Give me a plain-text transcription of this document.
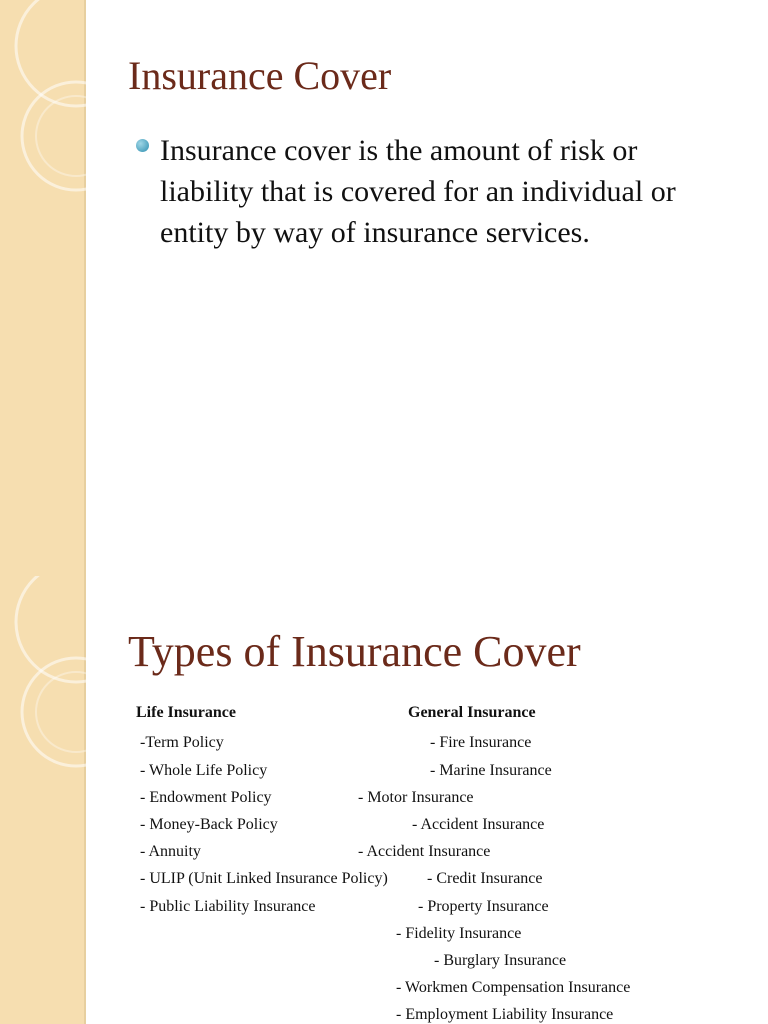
Insurance Cover
Insurance cover is the amount of risk or liability that is covered for an individual or entity by way of insurance services.
Types of Insurance Cover
Life Insurance	General Insurance
-Term Policy
- Whole Life Policy
- Endowment Policy
- Money-Back Policy
- Annuity
- ULIP (Unit Linked Insurance Policy)
- Public Liability Insurance
- Fire Insurance
- Marine Insurance
- Motor Insurance
- Accident Insurance
- Accident Insurance
- Credit Insurance
- Property Insurance
- Fidelity Insurance
- Burglary Insurance
- Workmen Compensation Insurance
- Employment Liability Insurance
